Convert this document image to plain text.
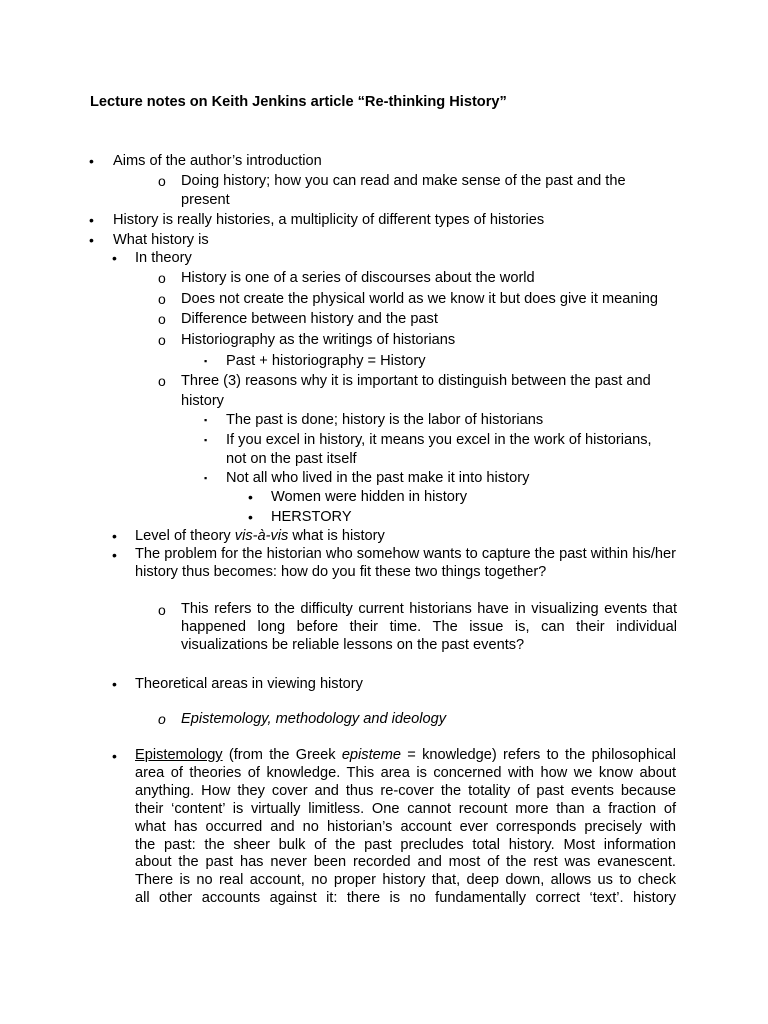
Lecture notes on Keith Jenkins article “Re-thinking History”
• Aims of the author’s introduction
o Doing history; how you can read and make sense of the past and the
present
• History is really histories, a multiplicity of different types of histories
• What history is
• In theory
o History is one of a series of discourses about the world
o Does not create the physical world as we know it but does give it meaning
o Difference between history and the past
o Historiography as the writings of historians
▪ Past + historiography = History
o Three (3) reasons why it is important to distinguish between the past and
history
▪ The past is done; history is the labor of historians
▪ If you excel in history, it means you excel in the work of historians,
not on the past itself
▪ Not all who lived in the past make it into history
• Women were hidden in history
• HERSTORY
• Level of theory vis-à-vis what is history
• The problem for the historian who somehow wants to capture the past within his/her history thus becomes: how do you fit these two things together?
o This refers to the difficulty current historians have in visualizing events that happened long before their time. The issue is, can their individual visualizations be reliable lessons on the past events?
• Theoretical areas in viewing history
o Epistemology, methodology and ideology
• Epistemology (from the Greek episteme = knowledge) refers to the philosophical
area of theories of knowledge. This area is concerned with how we know about
anything. How they cover and thus re-cover the totality of past events because
their ‘content’ is virtually limitless. One cannot recount more than a fraction of
what has occurred and no historian’s account ever corresponds precisely with
the past: the sheer bulk of the past precludes total history. Most information
about the past has never been recorded and most of the rest was evanescent.
There is no real account, no proper history that, deep down, allows us to check
all other accounts against it: there is no fundamentally correct ‘text’. history
